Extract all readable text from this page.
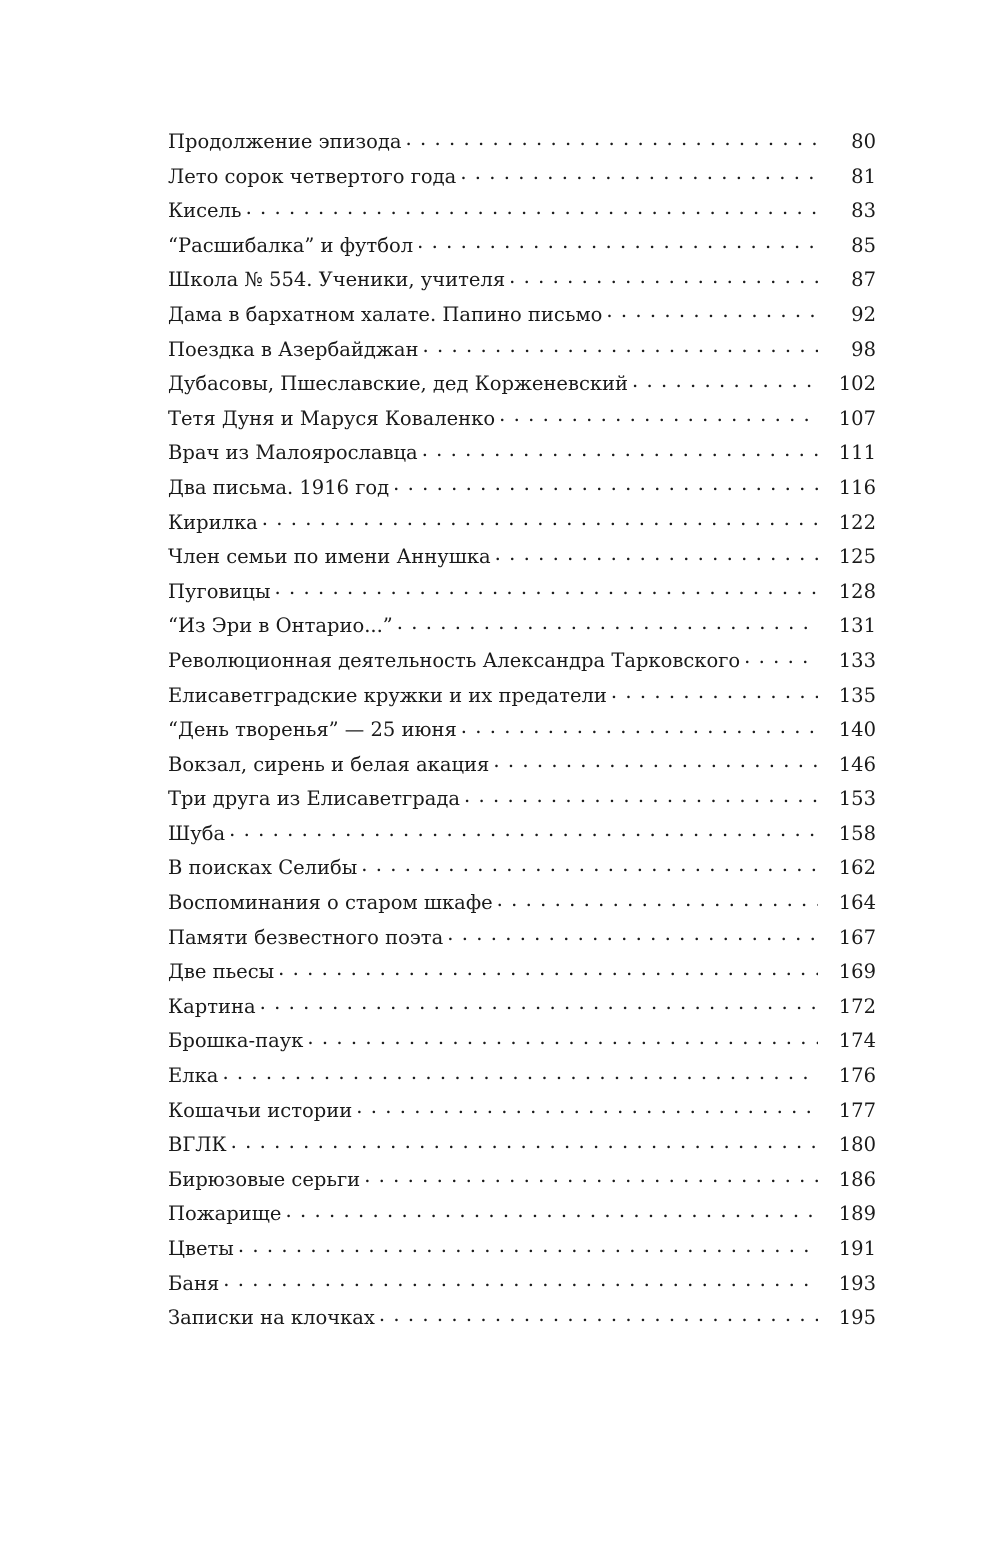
Продолжение эпизода . . .	80
Лето сорок четвертого года . . .	81
Кисель . . .	83
“Расшибалка” и футбол . . .	85
Школа № 554. Ученики, учителя . . .	87
Дама в бархатном халате. Папино письмо . . .	92
Поездка в Азербайджан . . .	98
Дубасовы, Пшеславские, дед Корженевский . . .	102
Тетя Дуня и Маруся Коваленко . . .	107
Врач из Малоярославца . . .	111
Два письма. 1916 год . . .	116
Кирилка . . .	122
Член семьи по имени Аннушка . . .	125
Пуговицы . . .	128
“Из Эри в Онтарио...” . . .	131
Революционная деятельность Александра Тарковского . . .	133
Елисаветградские кружки и их предатели . . .	135
“День творенья” — 25 июня . . .	140
Вокзал, сирень и белая акация . . .	146
Три друга из Елисаветграда . . .	153
Шуба . . .	158
В поисках Селибы . . .	162
Воспоминания о старом шкафе . . .	164
Памяти безвестного поэта . . .	167
Две пьесы . . .	169
Картина . . .	172
Брошка-паук . . .	174
Елка . . .	176
Кошачьи истории . . .	177
ВГЛК . . .	180
Бирюзовые серьги . . .	186
Пожарище . . .	189
Цветы . . .	191
Баня . . .	193
Записки на клочках . . .	195
